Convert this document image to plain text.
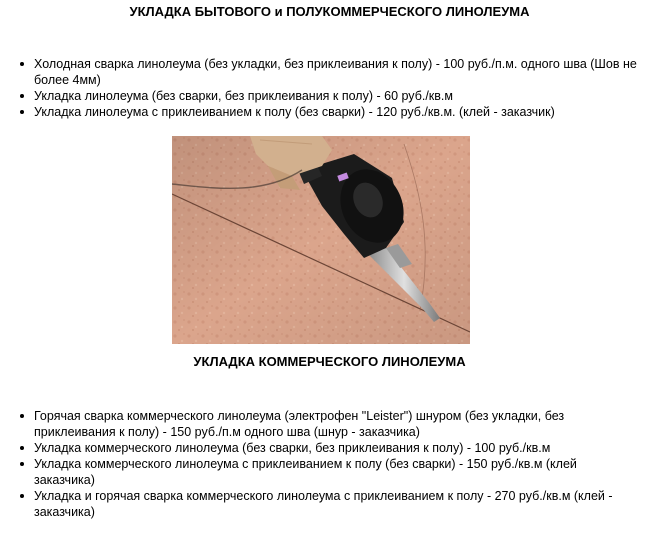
УКЛАДКА БЫТОВОГО и ПОЛУКОММЕРЧЕСКОГО ЛИНОЛЕУМА
Холодная сварка линолеума (без укладки, без приклеивания к полу) - 100 руб./п.м. одного шва (Шов не более 4мм)
Укладка линолеума (без сварки, без приклеивания к полу) - 60 руб./кв.м
Укладка линолеума с приклеиванием к полу (без сварки) - 120 руб./кв.м. (клей - заказчик)
УКЛАДКА КОММЕРЧЕСКОГО ЛИНОЛЕУМА
Горячая сварка коммерческого линолеума (электрофен "Leister") шнуром (без укладки, без приклеивания к полу) - 150 руб./п.м одного шва (шнур - заказчика)
Укладка коммерческого линолеума (без сварки, без приклеивания к полу) - 100 руб./кв.м
Укладка коммерческого линолеума с приклеиванием к полу (без сварки) - 150 руб./кв.м (клей заказчика)
Укладка и горячая сварка коммерческого линолеума с приклеиванием к полу - 270 руб./кв.м (клей - заказчика)
